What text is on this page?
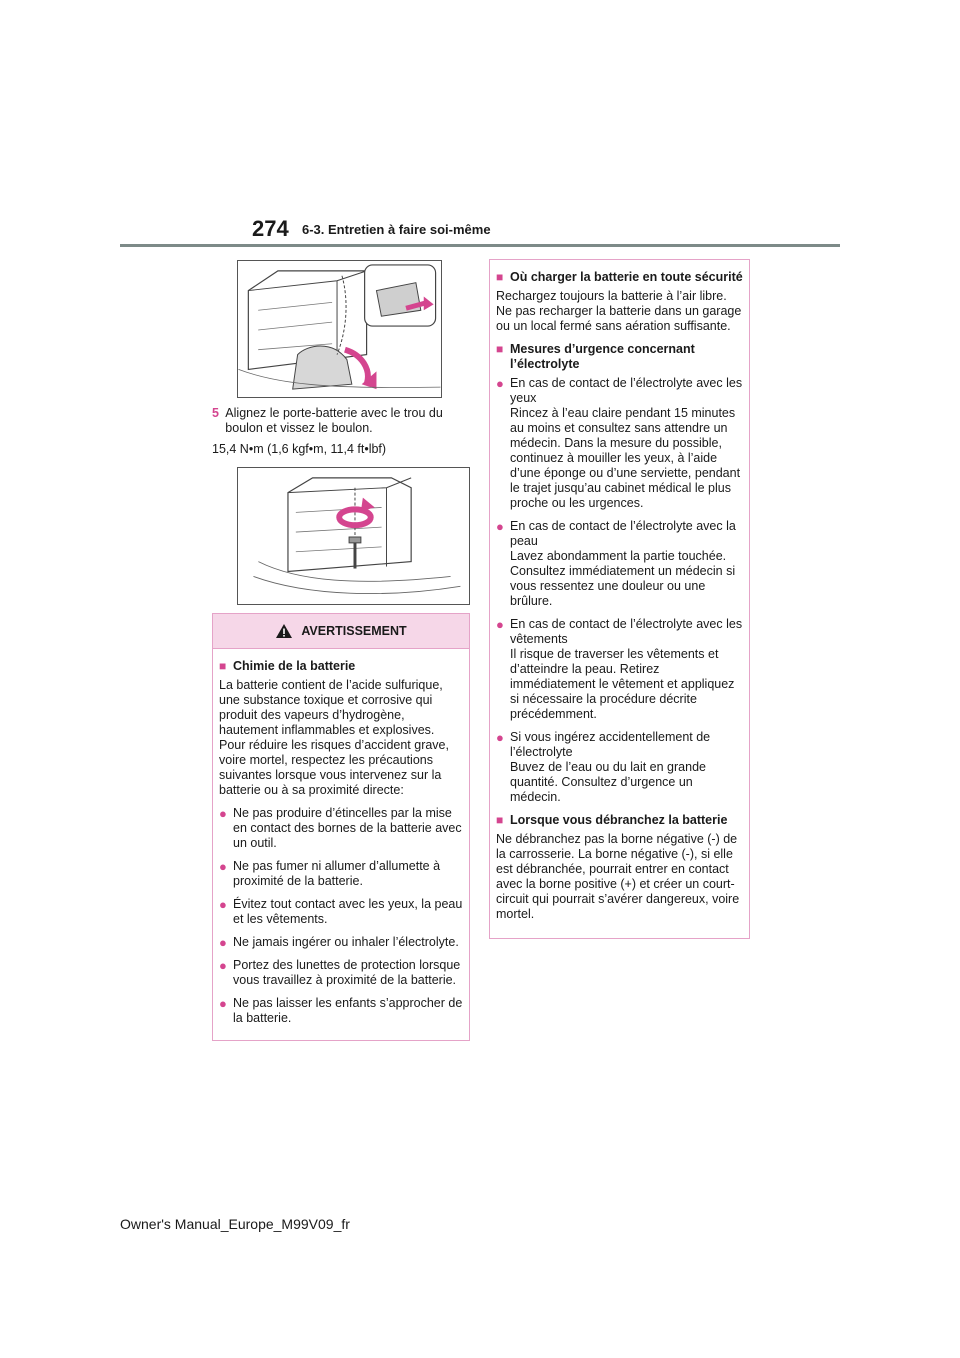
274 6-3. Entretien à faire soi-même
5 Alignez le porte-batterie avec le trou du boulon et vissez le boulon.
15,4 N•m (1,6 kgf•m, 11,4 ft•lbf)
AVERTISSEMENT
■ Chimie de la batterie
La batterie contient de l’acide sulfurique, une substance toxique et corrosive qui produit des vapeurs d’hydrogène, hautement inflammables et explosives. Pour réduire les risques d’accident grave, voire mortel, respectez les précautions suivantes lorsque vous intervenez sur la batterie ou à sa proximité directe:
● Ne pas produire d’étincelles par la mise en contact des bornes de la batterie avec un outil.
● Ne pas fumer ni allumer d’allumette à proximité de la batterie.
● Évitez tout contact avec les yeux, la peau et les vêtements.
● Ne jamais ingérer ou inhaler l’électrolyte.
● Portez des lunettes de protection lorsque vous travaillez à proximité de la batterie.
● Ne pas laisser les enfants s’approcher de la batterie.
■ Où charger la batterie en toute sécurité
Rechargez toujours la batterie à l’air libre. Ne pas recharger la batterie dans un garage ou un local fermé sans aération suffisante.
■ Mesures d’urgence concernant l’électrolyte
● En cas de contact de l’électrolyte avec les yeux
Rincez à l’eau claire pendant 15 minutes au moins et consultez sans attendre un médecin. Dans la mesure du possible, continuez à mouiller les yeux, à l’aide d’une éponge ou d’une serviette, pendant le trajet jusqu’au cabinet médical le plus proche ou les urgences.
● En cas de contact de l’électrolyte avec la peau
Lavez abondamment la partie touchée. Consultez immédiatement un médecin si vous ressentez une douleur ou une brûlure.
● En cas de contact de l’électrolyte avec les vêtements
Il risque de traverser les vêtements et d’atteindre la peau. Retirez immédiatement le vêtement et appliquez si nécessaire la procédure décrite précédemment.
● Si vous ingérez accidentellement de l’électrolyte
Buvez de l’eau ou du lait en grande quantité. Consultez d’urgence un médecin.
■ Lorsque vous débranchez la batterie
Ne débranchez pas la borne négative (-) de la carrosserie. La borne négative (-), si elle est débranchée, pourrait entrer en contact avec la borne positive (+) et créer un court-circuit qui pourrait s’avérer dangereux, voire mortel.
Owner's Manual_Europe_M99V09_fr
